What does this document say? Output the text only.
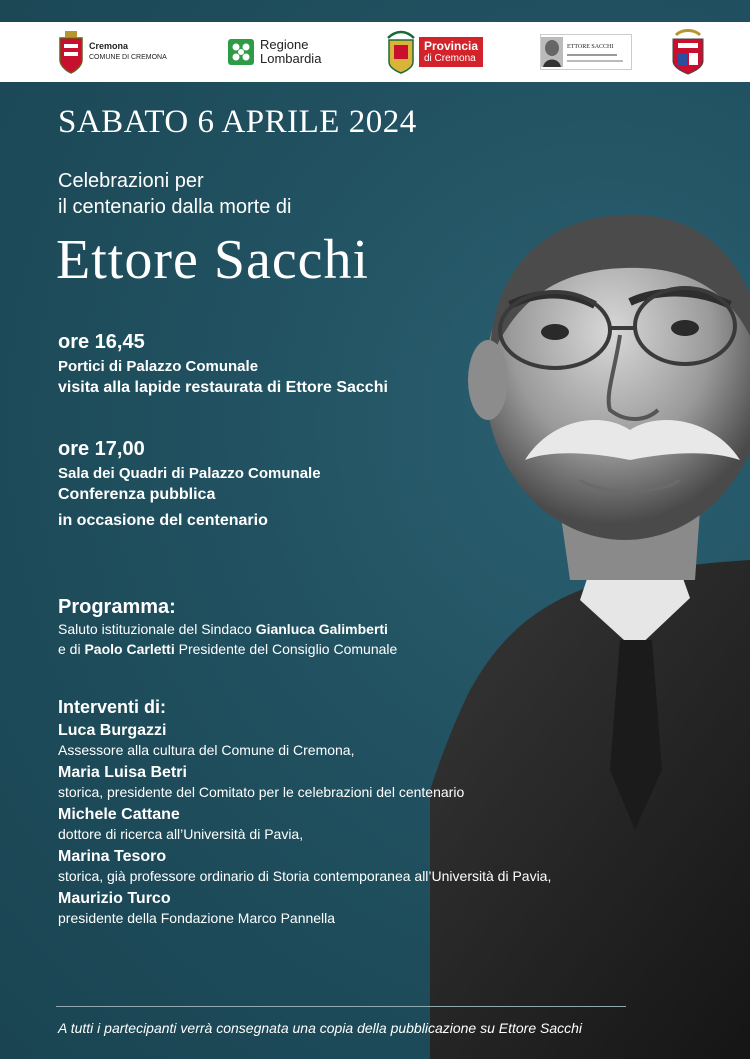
Cremona
COMUNE DI CREMONA
Regione
Lombardia
Provincia
di Cremona
ETTORE SACCHI
SABATO 6 APRILE 2024
Celebrazioni per
il centenario dalla morte di
Ettore Sacchi
ore 16,45
Portici di Palazzo Comunale
visita alla lapide restaurata di Ettore Sacchi
ore 17,00
Sala dei Quadri di Palazzo Comunale
Conferenza pubblica
in occasione del centenario
Programma:
Saluto istituzionale del Sindaco Gianluca Galimberti
e di Paolo Carletti Presidente del Consiglio Comunale
Interventi di:
Luca Burgazzi
Assessore alla cultura del Comune di Cremona,
Maria Luisa Betri
storica, presidente del Comitato per le celebrazioni del centenario
Michele Cattane
dottore di ricerca all’Università di Pavia,
Marina Tesoro
storica, già professore ordinario di Storia contemporanea all’Università di Pavia,
Maurizio Turco
presidente della Fondazione Marco Pannella
A tutti i partecipanti verrà consegnata una copia della pubblicazione su Ettore Sacchi
